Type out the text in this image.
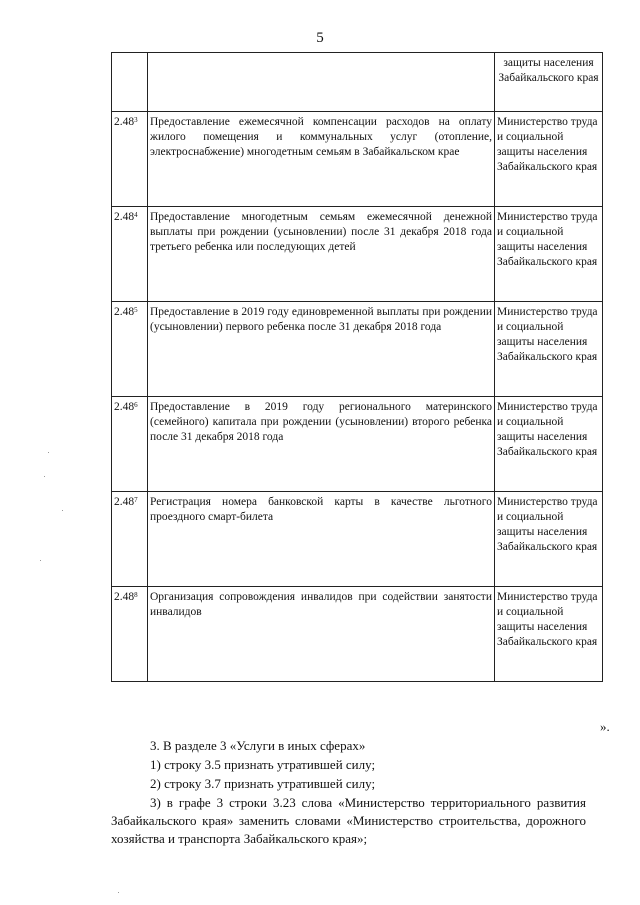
5

		защиты населения Забайкальского края

2.48$^3$	Предоставление ежемесячной компенсации расходов на оплату жилого помещения и коммунальных услуг (отопление, электроснабжение) многодетным семьям в Забайкальском крае	Министерство труда и социальной защиты населения Забайкальского края
2.48$^4$	Предоставление многодетным семьям ежемесячной денежной выплаты при рождении (усыновлении) после 31 декабря 2018 года третьего ребенка или последующих детей	Министерство труда и социальной защиты населения Забайкальского края
2.48$^5$	Предоставление в 2019 году единовременной выплаты при рождении (усыновлении) первого ребенка после 31 декабря 2018 года	Министерство труда и социальной защиты населения Забайкальского края
2.48$^6$	Предоставление в 2019 году регионального материнского (семейного) капитала при рождении (усыновлении) второго ребенка после 31 декабря 2018 года	Министерство труда и социальной защиты населения Забайкальского края
2.48$^7$	Регистрация номера банковской карты в качестве льготного проездного смарт-билета	Министерство труда и социальной защиты населения Забайкальского края
2.48$^8$	Организация сопровождения инвалидов при содействии занятости инвалидов	Министерство труда и социальной защиты населения Забайкальского края
».
3. В разделе 3 «Услуги в иных сферах»
1) строку 3.5 признать утратившей силу;
2) строку 3.7 признать утратившей силу;
3) в графе 3 строки 3.23 слова «Министерство территориального развития Забайкальского края» заменить словами «Министерство строительства, дорожного хозяйства и транспорта Забайкальского края»;
